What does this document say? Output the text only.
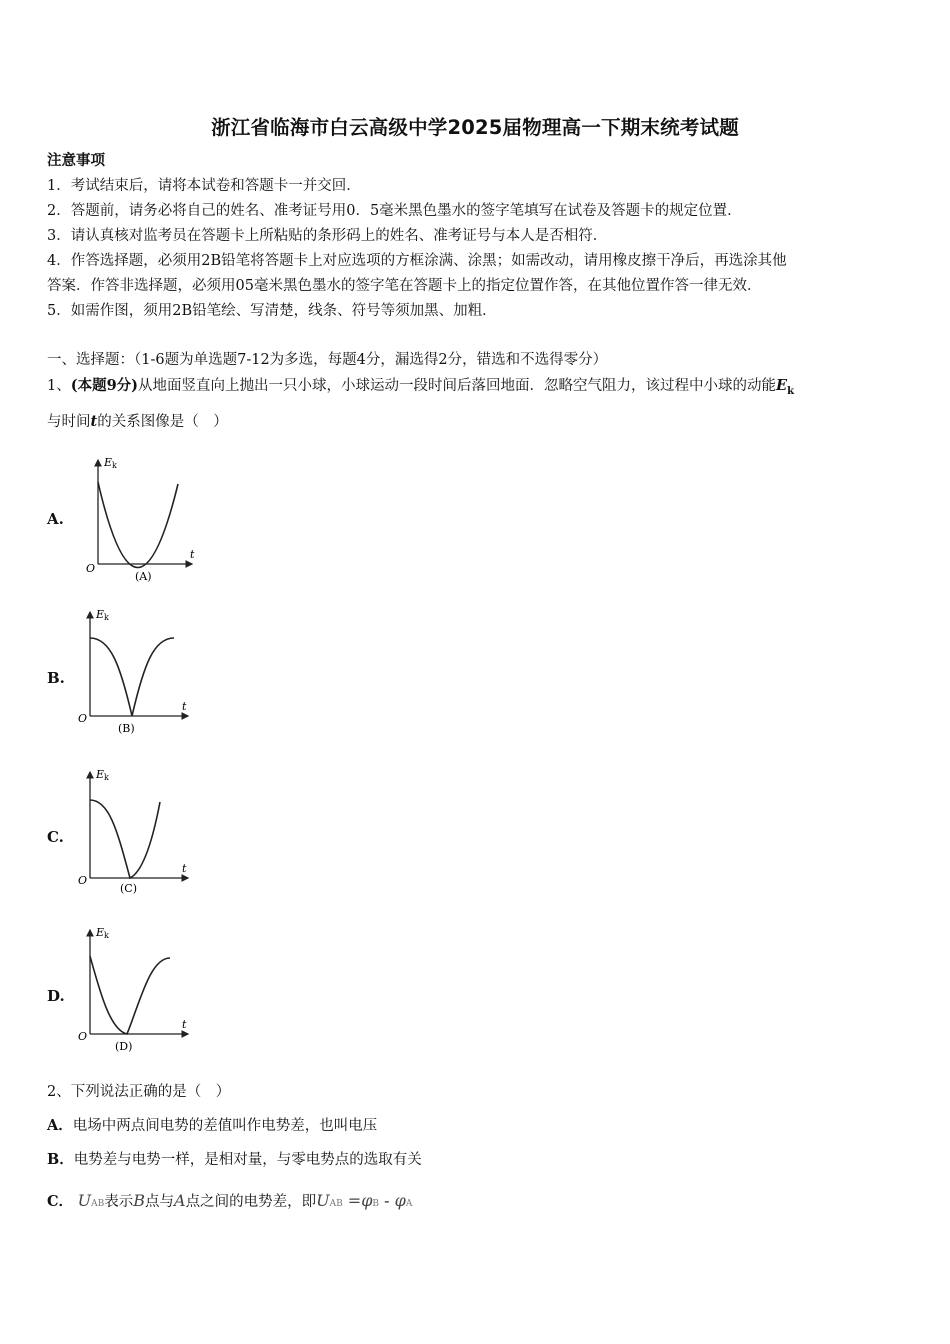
浙江省临海市白云高级中学2025届物理高一下期末统考试题
注意事项
1．考试结束后，请将本试卷和答题卡一并交回．
2．答题前，请务必将自己的姓名、准考证号用0．5毫米黑色墨水的签字笔填写在试卷及答题卡的规定位置．
3．请认真核对监考员在答题卡上所粘贴的条形码上的姓名、准考证号与本人是否相符．
4．作答选择题，必须用2B铅笔将答题卡上对应选项的方框涂满、涂黑；如需改动，请用橡皮擦干净后，再选涂其他
答案．作答非选择题，必须用05毫米黑色墨水的签字笔在答题卡上的指定位置作答，在其他位置作答一律无效．
5．如需作图，须用2B铅笔绘、写清楚，线条、符号等须加黑、加粗．
一、选择题：（1-6题为单选题7-12为多选，每题4分，漏选得2分，错选和不选得零分）
1、(本题9分)从地面竖直向上抛出一只小球，小球运动一段时间后落回地面．忽略空气阻力，该过程中小球的动能$E_k$
与时间t的关系图像是（　）
A.
Ek
t
O
(A)
B.
Ek
t
O
(B)
C.
Ek
t
O
(C)
D.
Ek
t
O
(D)
2、下列说法正确的是（　）
A．电场中两点间电势的差值叫作电势差，也叫电压
B．电势差与电势一样，是相对量，与零电势点的选取有关
C． UAB表示B点与A点之间的电势差，即UAB =φB - φA
